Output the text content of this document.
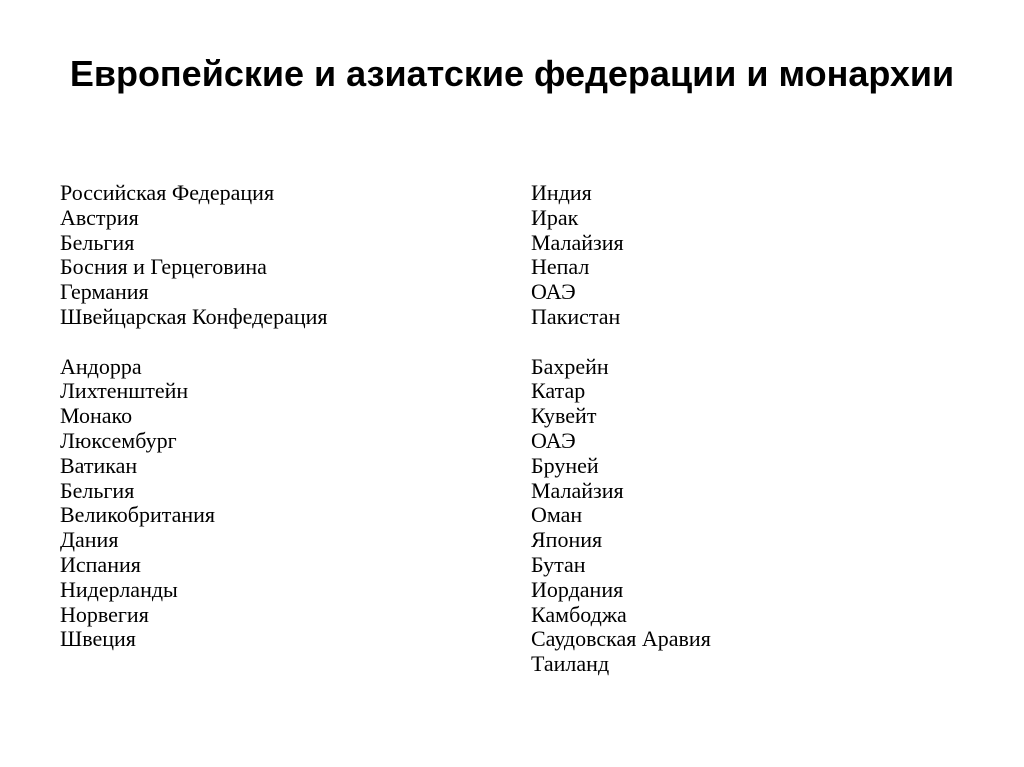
Европейские и азиатские федерации и монархии
Российская Федерация
Австрия
Бельгия
Босния и Герцеговина
Германия
Швейцарская Конфедерация
Андорра
Лихтенштейн
Монако
Люксембург
Ватикан
Бельгия
Великобритания
Дания
Испания
Нидерланды
Норвегия
Швеция
Индия
Ирак
Малайзия
Непал
ОАЭ
Пакистан
Бахрейн
Катар
Кувейт
ОАЭ
Бруней
Малайзия
Оман
Япония
Бутан
Иордания
Камбоджа
Саудовская Аравия
Таиланд
